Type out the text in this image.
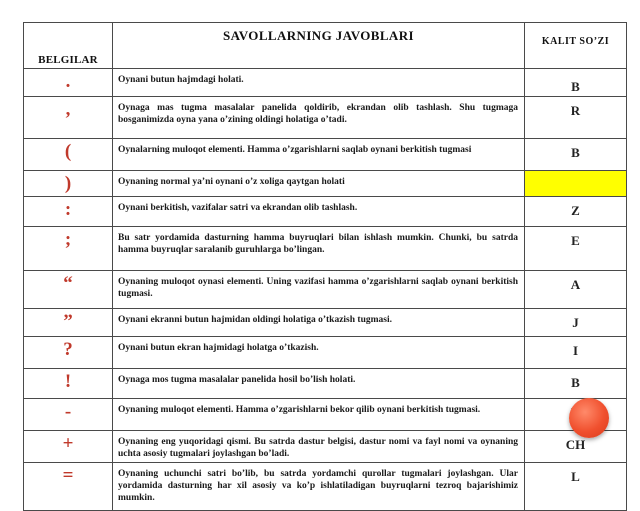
BELGILAR	SAVOLLARNING JAVOBLARI	KALIT SO’ZI
.	Oynani butun hajmdagi holati.	B
,	Oynaga mas tugma masalalar panelida qoldirib, ekrandan olib tashlash. Shu tugmaga bosganimizda oyna yana o’zining oldingi holatiga o’tadi.	R
(	Oynalarning muloqot elementi. Hamma o’zgarishlarni saqlab oynani berkitish tugmasi	B
)	Oynaning normal ya’ni oynani o’z xoliga qaytgan holati	
:	Oynani berkitish, vazifalar satri va ekrandan olib tashlash.	Z
;	Bu satr yordamida dasturning hamma buyruqlari bilan ishlash mumkin. Chunki, bu satrda hamma buyruqlar saralanib guruhlarga bo’lingan.	E
“	Oynaning muloqot oynasi elementi. Uning vazifasi hamma o’zgarishlarni saqlab oynani berkitish tugmasi.	A
”	Oynani ekranni butun hajmidan oldingi holatiga o’tkazish tugmasi.	J
?	Oynani butun ekran hajmidagi holatga o’tkazish.	I
!	Oynaga mos tugma masalalar panelida hosil bo’lish holati.	B
-	Oynaning muloqot elementi. Hamma o’zgarishlarni bekor qilib oynani berkitish tugmasi.	
+	Oynaning eng yuqoridagi qismi. Bu satrda dastur belgisi, dastur nomi va fayl nomi va oynaning uchta asosiy tugmalari joylashgan bo’ladi.	CH
=	Oynaning uchunchi satri bo’lib, bu satrda yordamchi qurollar tugmalari joylashgan. Ular yordamida dasturning har xil asosiy va ko’p ishlatiladigan buyruqlarni tezroq bajarishimiz mumkin.	L
